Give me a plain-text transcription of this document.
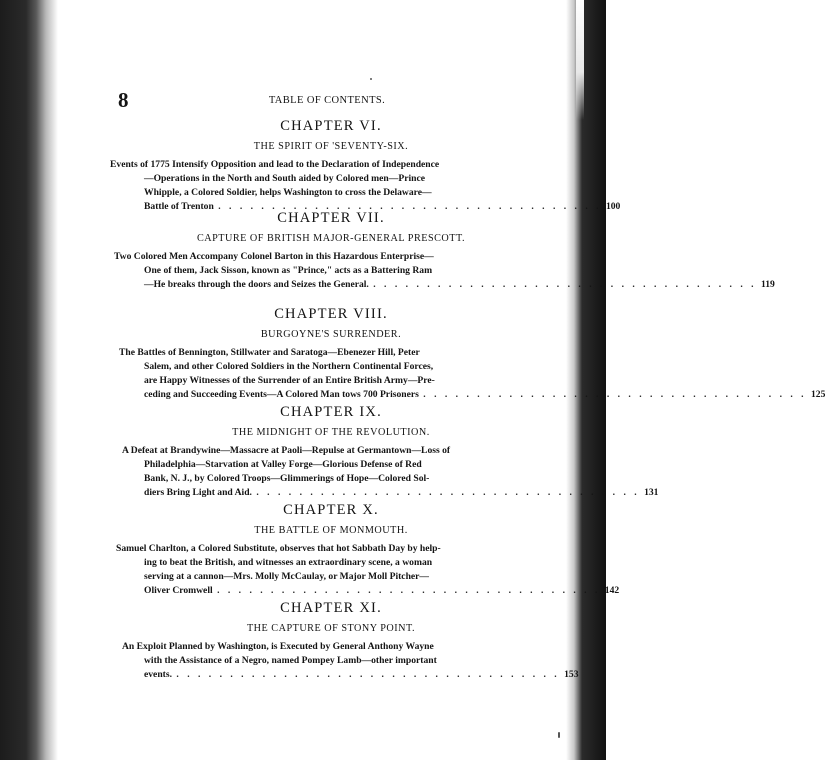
8	TABLE OF CONTENTS.
CHAPTER VI.
THE SPIRIT OF 'SEVENTY-SIX.
Events of 1775 Intensify Opposition and lead to the Declaration of Independence
—Operations in the North and South aided by Colored men—Prince
Whipple, a Colored Soldier, helps Washington to cross the Delaware—
Battle of Trenton . . . . . . . . . . . . . . . . . . . . . . . . . . . . . . . . . . . . 100
CHAPTER VII.
CAPTURE OF BRITISH MAJOR-GENERAL PRESCOTT.
Two Colored Men Accompany Colonel Barton in this Hazardous Enterprise—
One of them, Jack Sisson, known as "Prince," acts as a Battering Ram
—He breaks through the doors and Seizes the General. . . . . . . . . . . . . . . . . . . . . . . . . . . . . . . . . . . . . 119
CHAPTER VIII.
BURGOYNE'S SURRENDER.
The Battles of Bennington, Stillwater and Saratoga—Ebenezer Hill, Peter
Salem, and other Colored Soldiers in the Northern Continental Forces,
are Happy Witnesses of the Surrender of an Entire British Army—Pre-
ceding and Succeeding Events—A Colored Man tows 700 Prisoners . . . . . . . . . . . . . . . . . . . . . . . . . . . . . . . . . . . . 125
CHAPTER IX.
THE MIDNIGHT OF THE REVOLUTION.
A Defeat at Brandywine—Massacre at Paoli—Repulse at Germantown—Loss of
Philadelphia—Starvation at Valley Forge—Glorious Defense of Red
Bank, N. J., by Colored Troops—Glimmerings of Hope—Colored Sol-
diers Bring Light and Aid. . . . . . . . . . . . . . . . . . . . . . . . . . . . . . . . . . . . . 131
CHAPTER X.
THE BATTLE OF MONMOUTH.
Samuel Charlton, a Colored Substitute, observes that hot Sabbath Day by help-
ing to beat the British, and witnesses an extraordinary scene, a woman
serving at a cannon—Mrs. Molly McCaulay, or Major Moll Pitcher—
Oliver Cromwell . . . . . . . . . . . . . . . . . . . . . . . . . . . . . . . . . . . . 142
CHAPTER XI.
THE CAPTURE OF STONY POINT.
An Exploit Planned by Washington, is Executed by General Anthony Wayne
with the Assistance of a Negro, named Pompey Lamb—other important
events. . . . . . . . . . . . . . . . . . . . . . . . . . . . . . . . . . . . . 153
